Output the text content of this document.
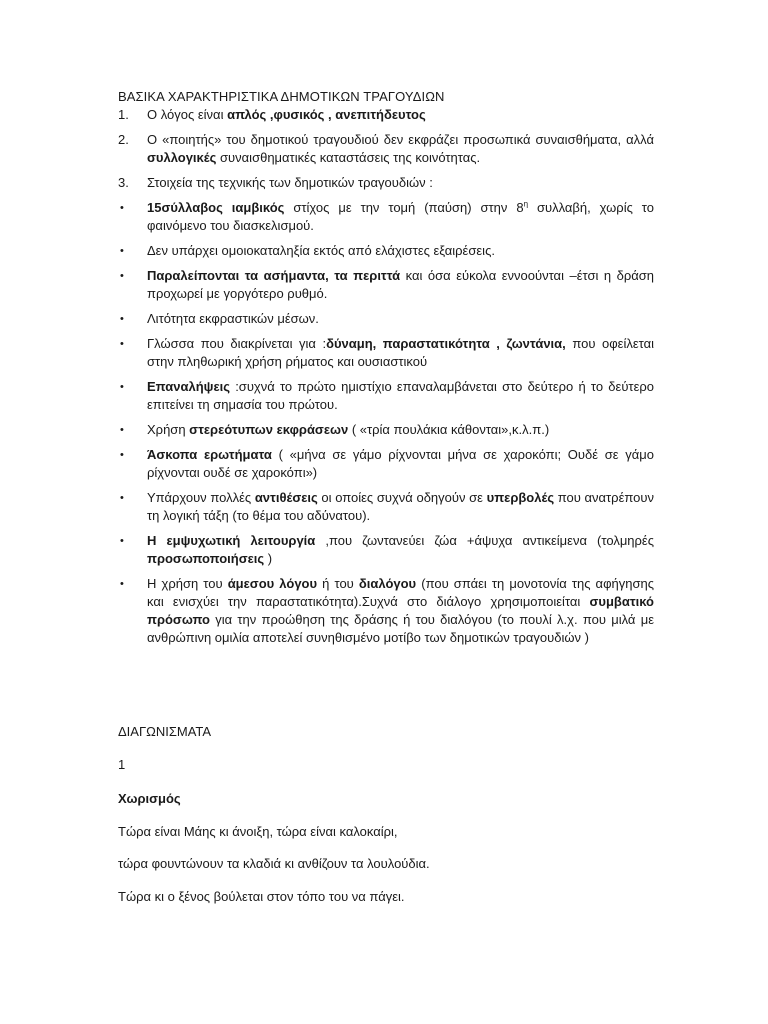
ΒΑΣΙΚΑ ΧΑΡΑΚΤΗΡΙΣΤΙΚΑ ΔΗΜΟΤΙΚΩΝ ΤΡΑΓΟΥΔΙΩΝ
1.	Ο λόγος είναι απλός ,φυσικός , ανεπιτήδευτος

2.	Ο «ποιητής» του δημοτικού τραγουδιού δεν εκφράζει προσωπικά συναισθήματα, αλλά συλλογικές συναισθηματικές καταστάσεις της κοινότητας.

3.	Στοιχεία της τεχνικής των δημοτικών τραγουδιών :

•	15σύλλαβος ιαμβικός στίχος με την τομή (παύση) στην $8^\eta$ συλλαβή, χωρίς το φαινόμενο του διασκελισμού.

•	Δεν υπάρχει ομοιοκαταληξία εκτός από ελάχιστες εξαιρέσεις.

•	Παραλείπονται τα ασήμαντα, τα περιττά και όσα εύκολα εννοούνται –έτσι η δράση προχωρεί με γοργότερο ρυθμό.

•	Λιτότητα εκφραστικών μέσων.

•	Γλώσσα που διακρίνεται για :δύναμη, παραστατικότητα , ζωντάνια, που οφείλεται στην πληθωρική χρήση ρήματος και ουσιαστικού

•	Επαναλήψεις :συχνά το πρώτο ημιστίχιο επαναλαμβάνεται στο δεύτερο ή το δεύτερο επιτείνει τη σημασία του πρώτου.

•	Χρήση στερεότυπων εκφράσεων ( «τρία πουλάκια κάθονται»,κ.λ.π.)

•	Άσκοπα ερωτήματα ( «μήνα σε γάμο ρίχνονται μήνα σε χαροκόπι; Ουδέ σε γάμο ρίχνονται ουδέ σε χαροκόπι»)

•	Υπάρχουν πολλές αντιθέσεις οι οποίες συχνά οδηγούν σε υπερβολές που ανατρέπουν τη λογική τάξη (το θέμα του αδύνατου).

•	Η εμψυχωτική λειτουργία ,που ζωντανεύει ζώα +άψυχα αντικείμενα (τολμηρές προσωποποιήσεις )

•	Η χρήση του άμεσου λόγου ή του διαλόγου (που σπάει τη μονοτονία της αφήγησης και ενισχύει την παραστατικότητα).Συχνά στο διάλογο χρησιμοποιείται συμβατικό πρόσωπο για την προώθηση της δράσης ή του διαλόγου (το πουλί λ.χ. που μιλά με ανθρώπινη ομιλία αποτελεί συνηθισμένο μοτίβο των δημοτικών τραγουδιών )

ΔΙΑΓΩΝΙΣΜΑΤΑ
1
Χωρισμός
Τώρα είναι Μάης κι άνοιξη, τώρα είναι καλοκαίρι,
τώρα φουντώνουν τα κλαδιά κι ανθίζουν τα λουλούδια.
Τώρα κι ο ξένος βούλεται στον τόπο του να πάγει.
